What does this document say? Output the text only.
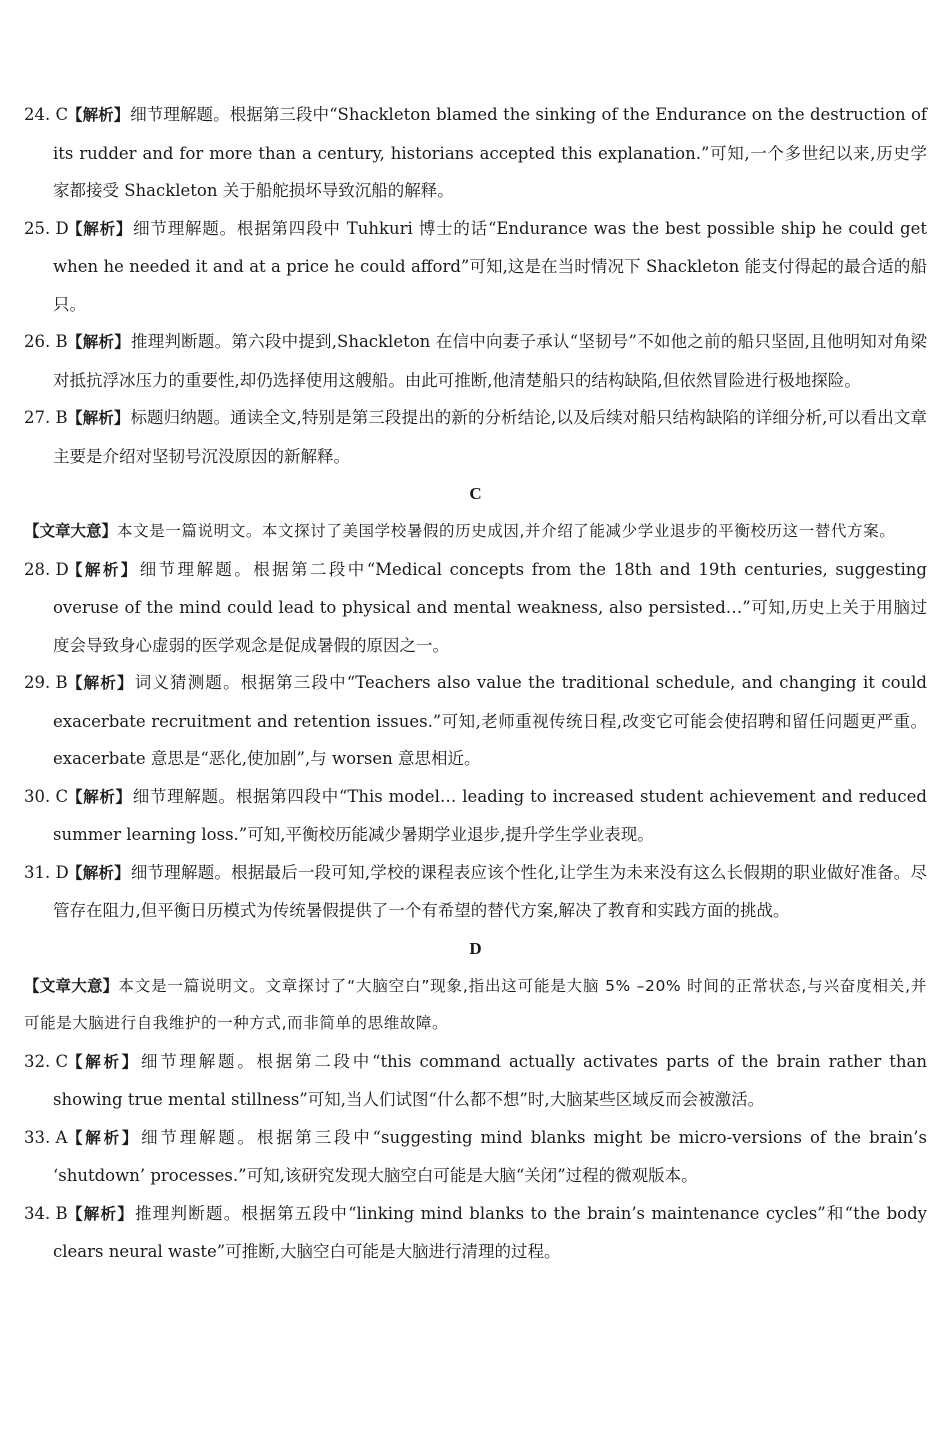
24. C
【解析】细节理解题。根据第三段中“Shackleton blamed the sinking of the Endurance on the destruction of its rudder and for more than a century, historians accepted this explanation.”可知,一个多世纪以来,历史学家都接受 Shackleton 关于船舵损坏导致沉船的解释。
25. D
【解析】细节理解题。根据第四段中 Tuhkuri 博士的话“Endurance was the best possible ship he could get when he needed it and at a price he could afford”可知,这是在当时情况下 Shackleton 能支付得起的最合适的船只。
26. B 【解析】推理判断题。第六段中提到,Shackleton 在信中向妻子承认“坚韧号”不如他之前的船只坚固,且他明知对角梁对抵抗浮冰压力的重要性,却仍选择使用这艘船。由此可推断,他清楚船只的结构缺陷,但依然冒险进行极地探险。
27. B 【解析】标题归纳题。通读全文,特别是第三段提出的新的分析结论,以及后续对船只结构缺陷的详细分析,可以看出文章主要是介绍对坚韧号沉没原因的新解释。
C
【文章大意】本文是一篇说明文。本文探讨了美国学校暑假的历史成因,并介绍了能减少学业退步的平衡校历这一替代方案。
28. D
【解析】细节理解题。根据第二段中“Medical concepts from the 18th and 19th centuries, suggesting overuse of the mind could lead to physical and mental weakness, also persisted…”可知,历史上关于用脑过度会导致身心虚弱的医学观念是促成暑假的原因之一。
29. B 【解析】词义猜测题。根据第三段中“Teachers also value the traditional schedule, and changing it could exacerbate recruitment and retention issues.”可知,老师重视传统日程,改变它可能会使招聘和留任问题更严重。exacerbate 意思是“恶化,使加剧”,与 worsen 意思相近。
30. C
【解析】细节理解题。根据第四段中“This model… leading to increased student achievement and reduced summer learning loss.”可知,平衡校历能减少暑期学业退步,提升学生学业表现。
31. D
【解析】细节理解题。根据最后一段可知,学校的课程表应该个性化,让学生为未来没有这么长假期的职业做好准备。尽管存在阻力,但平衡日历模式为传统暑假提供了一个有希望的替代方案,解决了教育和实践方面的挑战。
D
【文章大意】本文是一篇说明文。文章探讨了“大脑空白”现象,指出这可能是大脑 5% –20% 时间的正常状态,与兴奋度相关,并可能是大脑进行自我维护的一种方式,而非简单的思维故障。
32. C
【解析】细节理解题。根据第二段中“this command actually activates parts of the brain rather than showing true mental stillness”可知,当人们试图“什么都不想”时,大脑某些区域反而会被激活。
33. A 【解析】细节理解题。根据第三段中“suggesting mind blanks might be micro-versions of the brain’s ‘shutdown’ processes.”可知,该研究发现大脑空白可能是大脑“关闭”过程的微观版本。
34. B 【解析】推理判断题。根据第五段中“linking mind blanks to the brain’s maintenance cycles”和“the body clears neural waste”可推断,大脑空白可能是大脑进行清理的过程。
